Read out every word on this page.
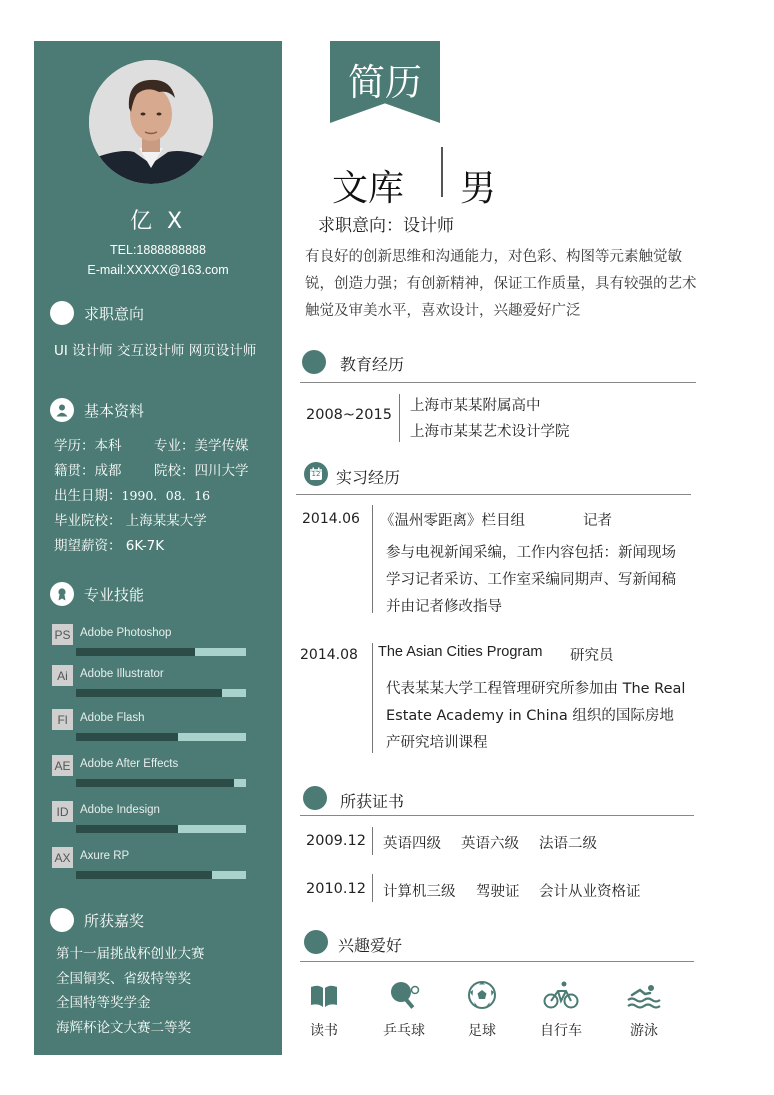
亿 X
TEL:1888888888
E-mail:XXXXX@163.com
求职意向
UI 设计师 交互设计师 网页设计师
基本资料
学历：本科 专业：美学传媒
籍贯：成都 院校：四川大学
出生日期：1990．08．16
毕业院校： 上海某某大学
期望薪资： 6K-7K
专业技能
PS Adobe Photoshop
Ai	Adobe Illustrator
Fl	Adobe Flash
AE Adobe After Effects
ID	Adobe Indesign
AX Axure RP
所获嘉奖
第十一届挑战杯创业大赛
全国铜奖、省级特等奖
全国特等奖学金
海辉杯论文大赛二等奖
简历
文库 男
求职意向：设计师
有良好的创新思维和沟通能力，对色彩、构图等元素触觉敏锐，创造力强；有创新精神，保证工作质量，具有较强的艺术触觉及审美水平，喜欢设计，兴趣爱好广泛
教育经历
2008~2015
上海市某某附属高中
上海市某某艺术设计学院
12 实习经历
2014.06 《温州零距离》栏目组	记者
参与电视新闻采编，工作内容包括：新闻现场
学习记者采访、工作室采编同期声、写新闻稿
并由记者修改指导
2014.08 The Asian Cities Program 研究员
代表某某大学工程管理研究所参加由 The Real
Estate Academy in China 组织的国际房地
产研究培训课程
所获证书
2009.12 英语四级 英语六级 法语二级
2010.12 计算机三级 驾驶证 会计从业资格证
兴趣爱好
读书	乒乓球	足球	自行车	游泳
